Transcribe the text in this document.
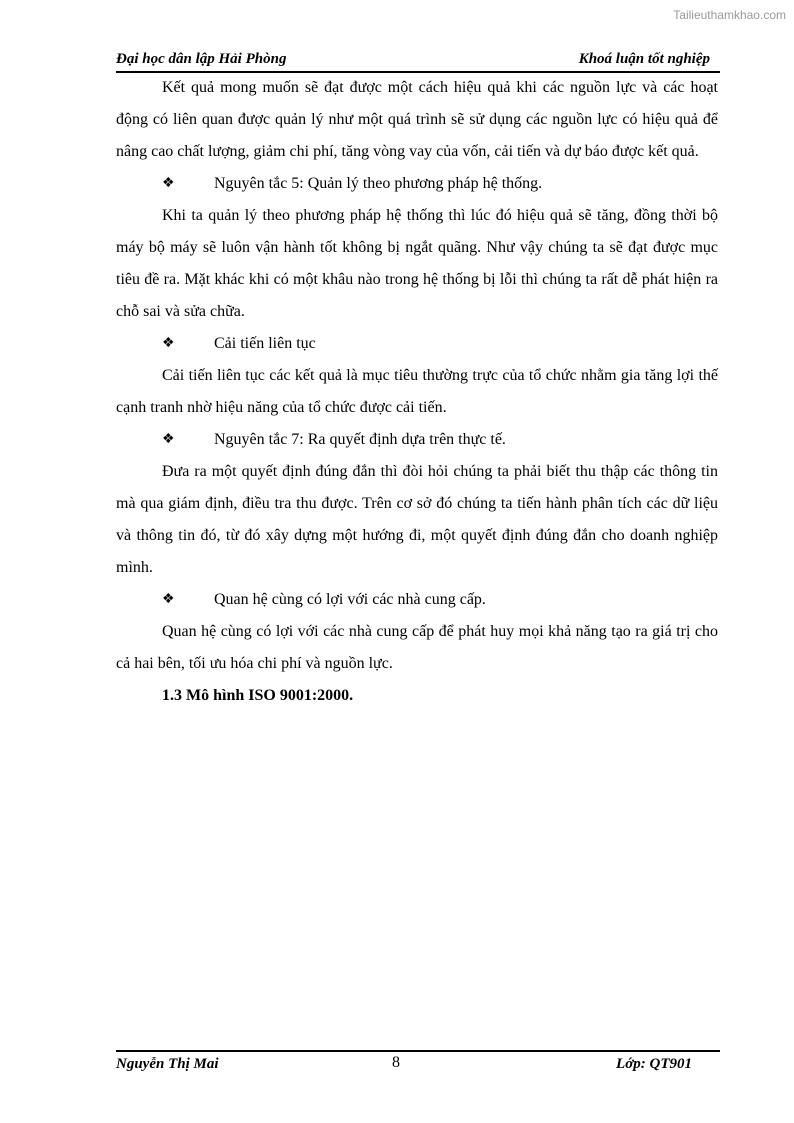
Tailieuthamkhao.com
Đại học dân lập Hải Phòng	Khoá luận tốt nghiệp

Kết quả mong muốn sẽ đạt được một cách hiệu quả khi các nguồn lực và các hoạt động có liên quan được quản lý như một quá trình sẽ sử dụng các nguồn lực có hiệu quả để nâng cao chất lượng, giảm chi phí, tăng vòng vay của vốn, cải tiến và dự báo được kết quả.

❖ Nguyên tắc 5: Quản lý theo phương pháp hệ thống.

Khi ta quản lý theo phương pháp hệ thống thì lúc đó hiệu quả sẽ tăng, đồng thời bộ máy bộ máy sẽ luôn vận hành tốt không bị ngắt quãng. Như vậy chúng ta sẽ đạt được mục tiêu đề ra. Mặt khác khi có một khâu nào trong hệ thống bị lỗi thì chúng ta rất dễ phát hiện ra chỗ sai và sửa chữa.

❖ Cải tiến liên tục

Cải tiến liên tục các kết quả là mục tiêu thường trực của tổ chức nhằm gia tăng lợi thế cạnh tranh nhờ hiệu năng của tổ chức được cải tiến.

❖ Nguyên tắc 7: Ra quyết định dựa trên thực tế.

Đưa ra một quyết định đúng đắn thì đòi hỏi chúng ta phải biết thu thập các thông tin mà qua giám định, điều tra thu được. Trên cơ sở đó chúng ta tiến hành phân tích các dữ liệu và thông tin đó, từ đó xây dựng một hướng đi, một quyết định đúng đắn cho doanh nghiệp mình.

❖ Quan hệ cùng có lợi với các nhà cung cấp.

Quan hệ cùng có lợi với các nhà cung cấp để phát huy mọi khả năng tạo ra giá trị cho cả hai bên, tối ưu hóa chi phí và nguồn lực.

1.3 Mô hình ISO 9001:2000.

Nguyễn Thị Mai	8	Lớp: QT901
